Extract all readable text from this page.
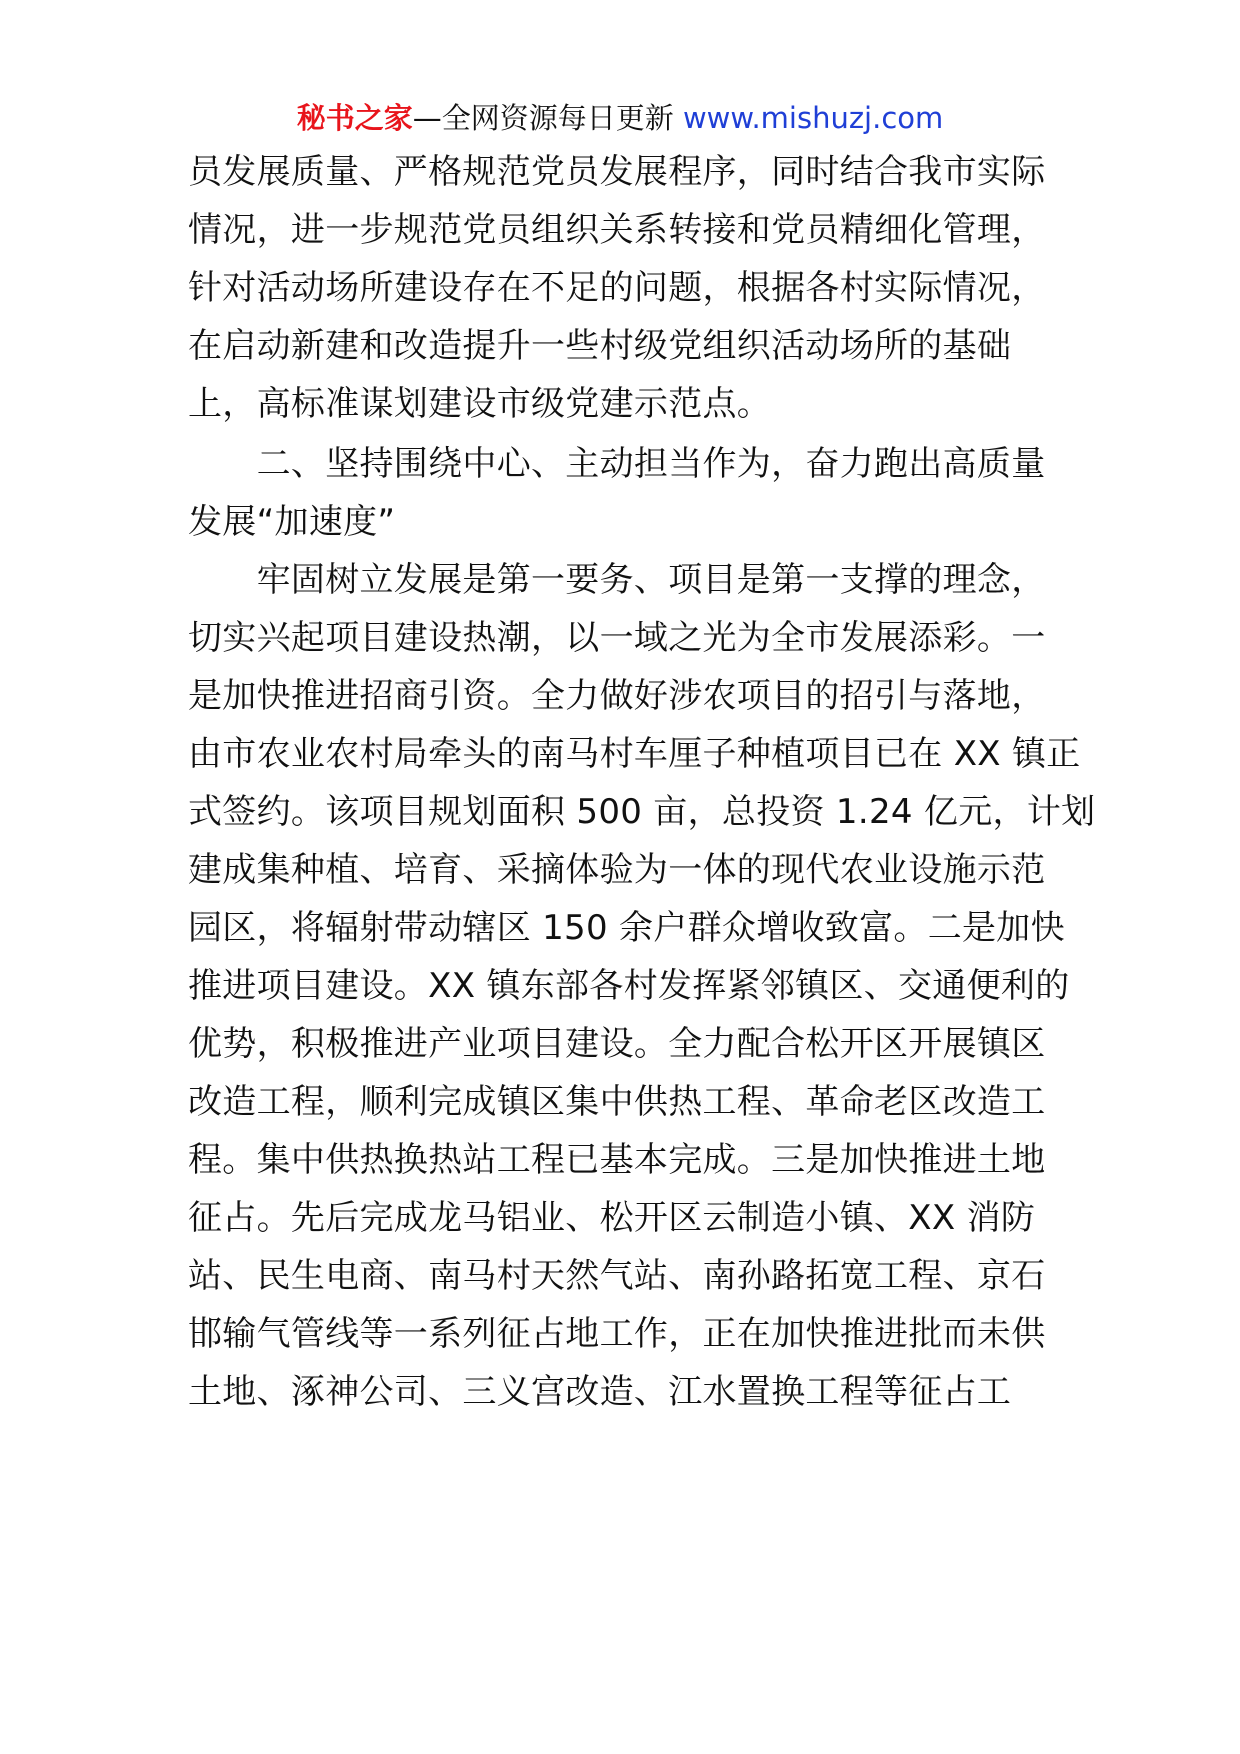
秘书之家—全网资源每日更新 www.mishuzj.com
员发展质量、严格规范党员发展程序，同时结合我市实际
情况，进一步规范党员组织关系转接和党员精细化管理，
针对活动场所建设存在不足的问题，根据各村实际情况，
在启动新建和改造提升一些村级党组织活动场所的基础
上，高标准谋划建设市级党建示范点。
　　二、坚持围绕中心、主动担当作为，奋力跑出高质量
发展“加速度”
　　牢固树立发展是第一要务、项目是第一支撑的理念，
切实兴起项目建设热潮，以一域之光为全市发展添彩。一
是加快推进招商引资。全力做好涉农项目的招引与落地，
由市农业农村局牵头的南马村车厘子种植项目已在 XX 镇正
式签约。该项目规划面积 500 亩，总投资 1.24 亿元，计划
建成集种植、培育、采摘体验为一体的现代农业设施示范
园区，将辐射带动辖区 150 余户群众增收致富。二是加快
推进项目建设。XX 镇东部各村发挥紧邻镇区、交通便利的
优势，积极推进产业项目建设。全力配合松开区开展镇区
改造工程，顺利完成镇区集中供热工程、革命老区改造工
程。集中供热换热站工程已基本完成。三是加快推进土地
征占。先后完成龙马铝业、松开区云制造小镇、XX 消防
站、民生电商、南马村天然气站、南孙路拓宽工程、京石
邯输气管线等一系列征占地工作，正在加快推进批而未供
土地、涿神公司、三义宫改造、江水置换工程等征占工
